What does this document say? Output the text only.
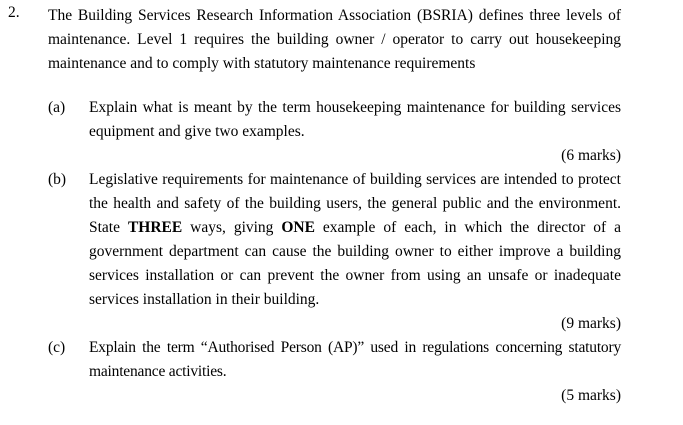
2. The Building Services Research Information Association (BSRIA) defines three levels of maintenance. Level 1 requires the building owner / operator to carry out housekeeping maintenance and to comply with statutory maintenance requirements
(a) Explain what is meant by the term housekeeping maintenance for building services equipment and give two examples.
(6 marks)
(b) Legislative requirements for maintenance of building services are intended to protect the health and safety of the building users, the general public and the environment. State THREE ways, giving ONE example of each, in which the director of a government department can cause the building owner to either improve a building services installation or can prevent the owner from using an unsafe or inadequate services installation in their building.
(9 marks)
(c) Explain the term “Authorised Person (AP)” used in regulations concerning statutory maintenance activities.
(5 marks)
